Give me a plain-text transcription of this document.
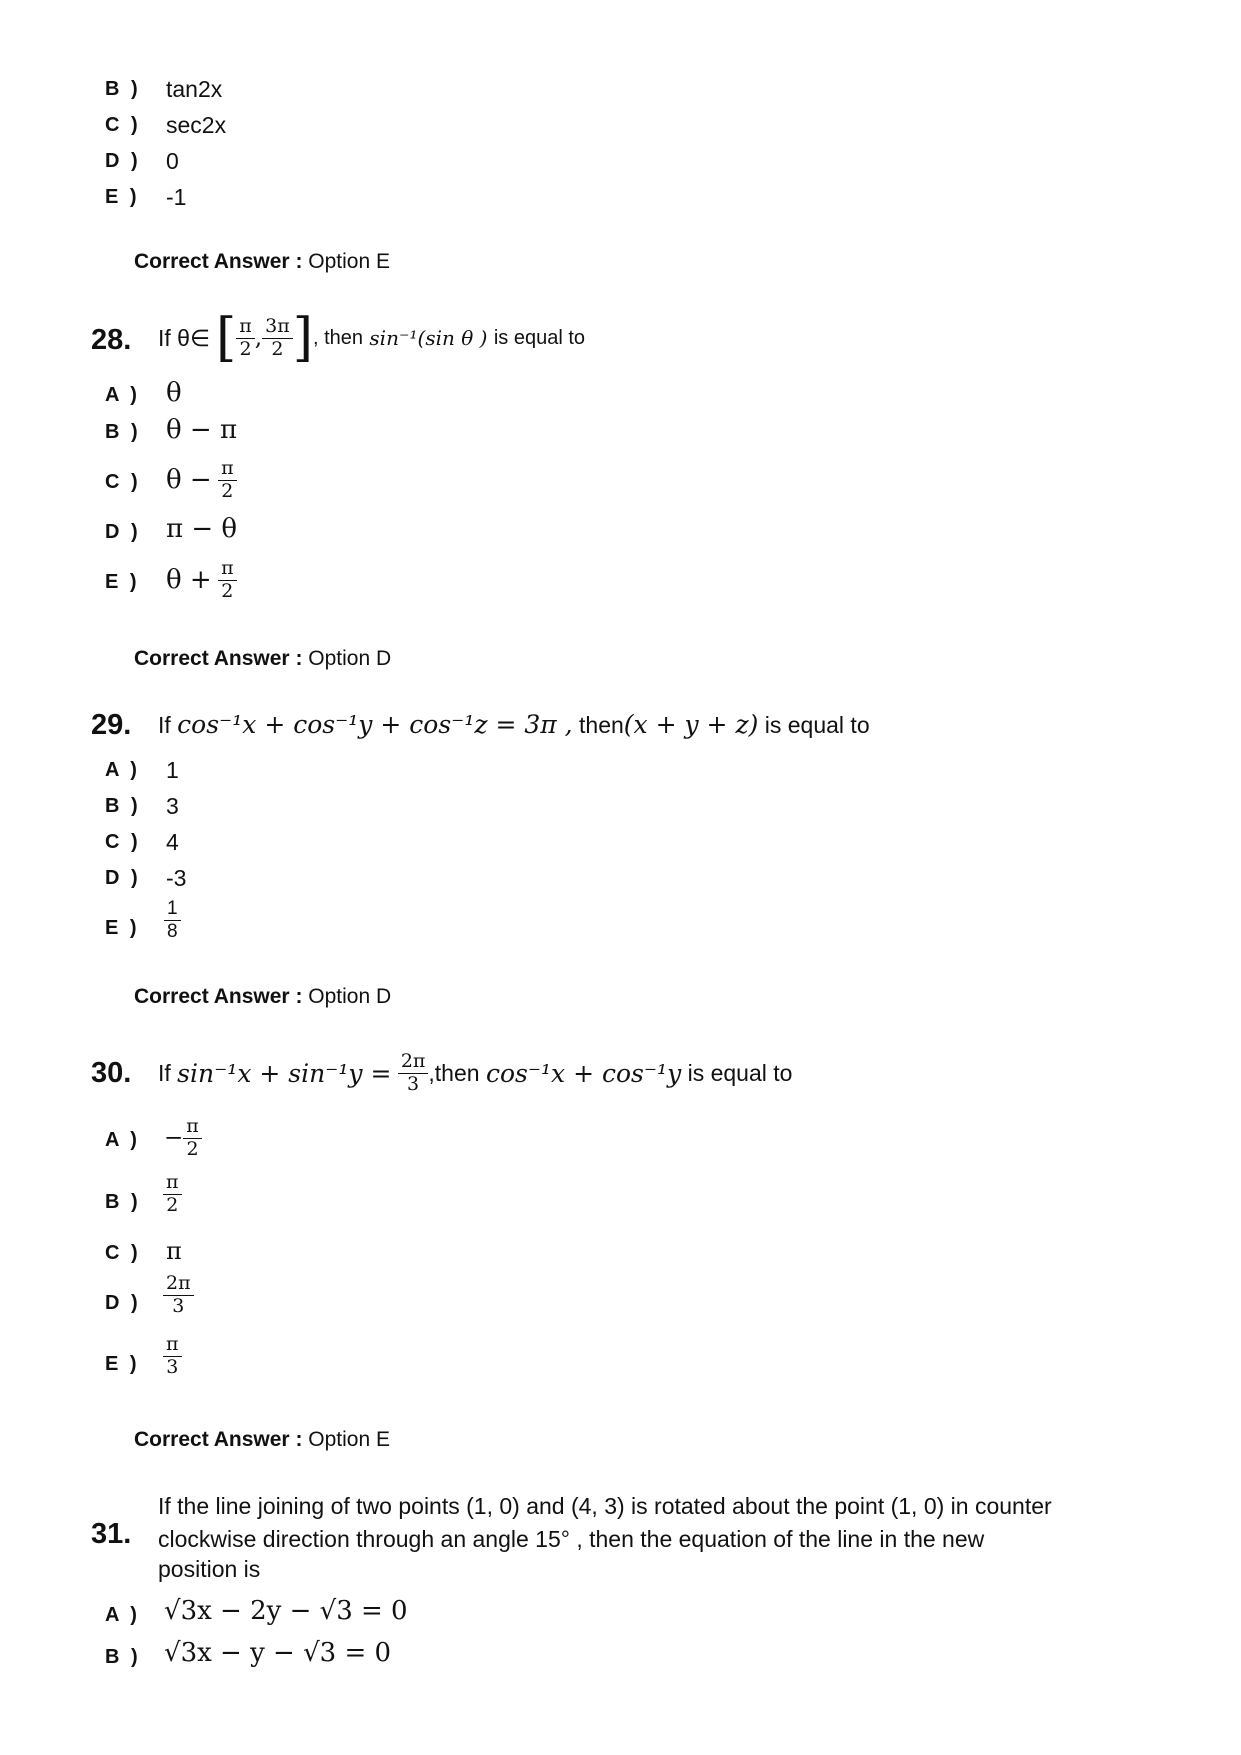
B ) tan2x
C ) sec2x
D ) 0
E ) -1
Correct Answer : Option E
28. If θ∈ [ $\frac{\pi}{2}$ , $\frac{3\pi}{2}$ ] , then
sin⁻¹(sin θ )
is equal to
A ) θ
B ) θ − π
C ) θ −
$\frac{\pi}{2}$
D ) π − θ
E ) θ +
$\frac{\pi}{2}$
Correct Answer : Option D
29. If cos⁻¹x + cos⁻¹y + cos⁻¹z = 3π , then(x + y + z) is equal to
A ) 1
B ) 3
C ) 4
D ) -3
E ) $\frac{1}{8}$
Correct Answer : Option D
30. If
sin⁻¹x + sin⁻¹y =
$\frac{2\pi}{3}$ ,then
cos⁻¹x + cos⁻¹y
is equal to
A ) − $\frac{\pi}{2}$
B ) $\frac{\pi}{2}$
C ) π
D ) $\frac{2\pi}{3}$
E ) $\frac{\pi}{3}$
Correct Answer : Option E
31.
If the line joining of two points (1, 0) and (4, 3) is rotated about the point (1, 0) in counter
clockwise direction through an angle 15° , then the equation of the line in the new
position is
A ) √3x − 2y − √3 = 0
B ) √3x − y − √3 = 0
